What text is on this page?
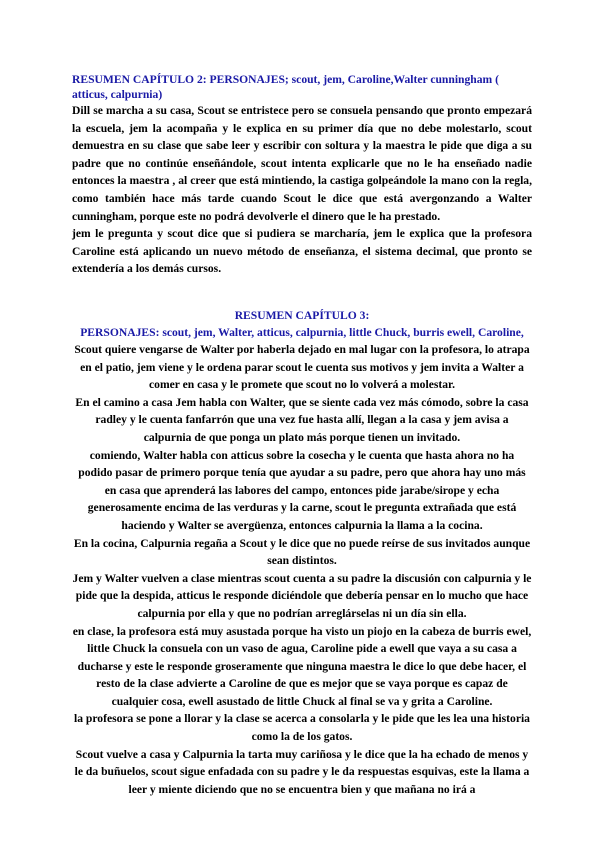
RESUMEN CAPÍTULO 2: PERSONAJES; scout, jem, Caroline,Walter cunningham ( atticus, calpurnia)

Dill se marcha a su casa, Scout se entristece pero se consuela pensando que pronto empezará la escuela, jem la acompaña y le explica en su primer día que no debe molestarlo, scout demuestra en su clase que sabe leer y escribir con soltura y la maestra le pide que diga a su padre que no continúe enseñándole, scout intenta explicarle que no le ha enseñado nadie entonces la maestra , al creer que está mintiendo, la castiga golpeándole la mano con la regla, como también hace más tarde cuando Scout le dice que está avergonzando a Walter cunningham, porque este no podrá devolverle el dinero que le ha prestado.

jem le pregunta y scout dice que si pudiera se marcharía, jem le explica que la profesora Caroline está aplicando un nuevo método de enseñanza, el sistema decimal, que pronto se extendería a los demás cursos.

RESUMEN CAPÍTULO 3:

PERSONAJES: scout, jem, Walter, atticus, calpurnia, little Chuck, burris ewell, Caroline,

Scout quiere vengarse de Walter por haberla dejado en mal lugar con la profesora, lo atrapa en el patio, jem viene y le ordena parar scout le cuenta sus motivos y jem invita a Walter a comer en casa y le promete que scout no lo volverá a molestar.

En el camino a casa Jem habla con Walter, que se siente cada vez más cómodo, sobre la casa radley y le cuenta fanfarrón que una vez fue hasta allí, llegan a la casa y jem avisa a calpurnia de que ponga un plato más porque tienen un invitado.

comiendo, Walter habla con atticus sobre la cosecha y le cuenta que hasta ahora no ha podido pasar de primero porque tenía que ayudar a su padre, pero que ahora hay uno más en casa que aprenderá las labores del campo, entonces pide jarabe/sirope y echa generosamente encima de las verduras y la carne, scout le pregunta extrañada que está haciendo y Walter se avergüenza, entonces calpurnia la llama a la cocina.

En la cocina, Calpurnia regaña a Scout y le dice que no puede reírse de sus invitados aunque sean distintos.

Jem y Walter vuelven a clase mientras scout cuenta a su padre la discusión con calpurnia y le pide que la despida, atticus le responde diciéndole que debería pensar en lo mucho que hace calpurnia por ella y que no podrían arreglárselas ni un día sin ella.

en clase, la profesora está muy asustada porque ha visto un piojo en la cabeza de burris ewel, little Chuck la consuela con un vaso de agua, Caroline pide a ewell que vaya a su casa a ducharse y este le responde groseramente que ninguna maestra le dice lo que debe hacer, el resto de la clase advierte a Caroline de que es mejor que se vaya porque es capaz de cualquier cosa, ewell asustado de little Chuck al final se va y grita a Caroline.

la profesora se pone a llorar y la clase se acerca a consolarla y le pide que les lea una historia como la de los gatos.

Scout vuelve a casa y Calpurnia la tarta muy cariñosa y le dice que la ha echado de menos y le da buñuelos, scout sigue enfadada con su padre y le da respuestas esquivas, este la llama a leer y miente diciendo que no se encuentra bien y que mañana no irá a
